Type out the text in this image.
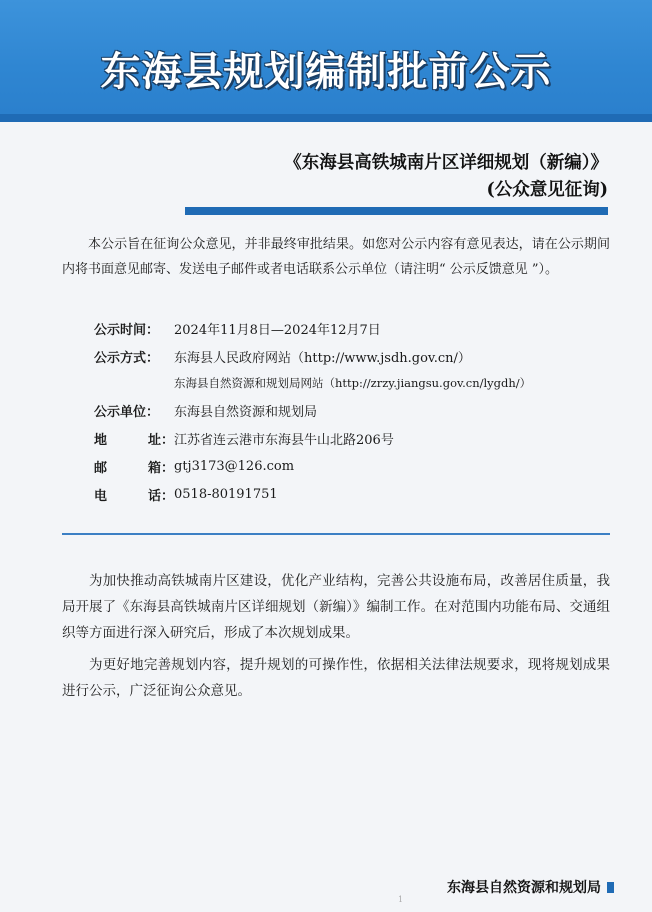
东海县规划编制批前公示
《东海县高铁城南片区详细规划（新编）》
(公众意见征询)
本公示旨在征询公众意见，并非最终审批结果。如您对公示内容有意见表达，请在公示期间内将书面意见邮寄、发送电子邮件或者电话联系公示单位（请注明“ 公示反馈意见 ”）。
公示时间：	2024年11月8日—2024年12月7日
公示方式：	东海县人民政府网站（http://www.jsdh.gov.cn/）
东海县自然资源和规划局网站（http://zrzy.jiangsu.gov.cn/lygdh/）
公示单位：	东海县自然资源和规划局
地	址： 江苏省连云港市东海县牛山北路206号
邮	箱： gtj3173@126.com
电	话： 0518-80191751

为加快推动高铁城南片区建设，优化产业结构，完善公共设施布局，改善居住质量，我局开展了《东海县高铁城南片区详细规划（新编）》编制工作。在对范围内功能布局、交通组织等方面进行深入研究后，形成了本次规划成果。

为更好地完善规划内容，提升规划的可操作性，依据相关法律法规要求，现将规划成果进行公示，广泛征询公众意见。

东海县自然资源和规划局
1
